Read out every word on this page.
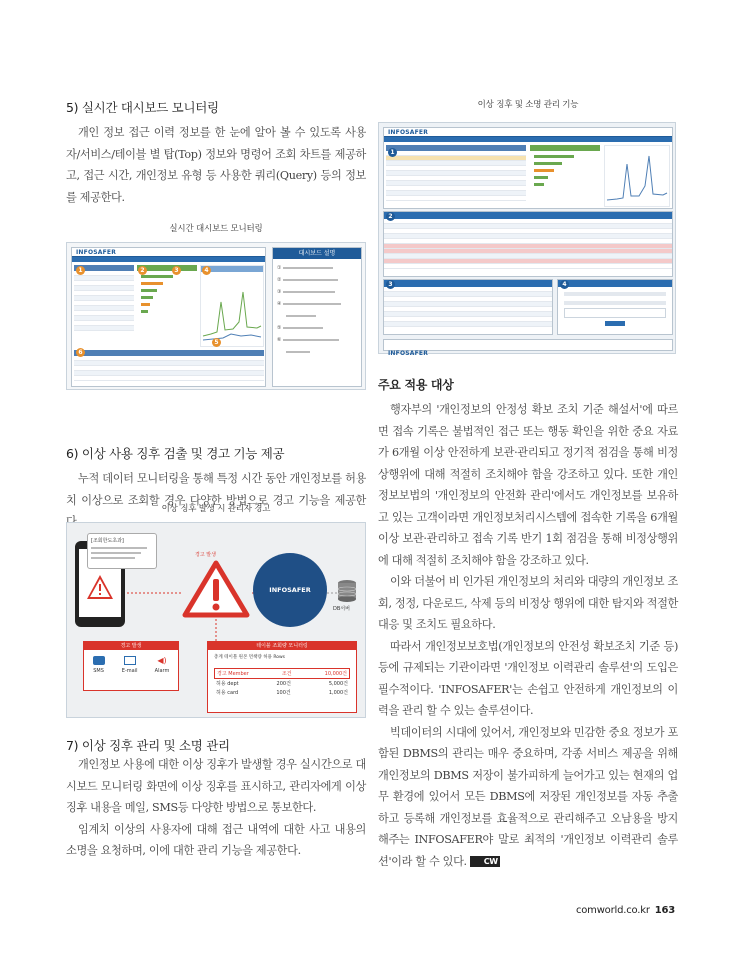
5) 실시간 대시보드 모니터링

개인 정보 접근 이력 정보를 한 눈에 알아 볼 수 있도록 사용자/서비스/테이블 별 탑(Top) 정보와 명령어 조회 차트를 제공하고, 접근 시간, 개인정보 유형 등 사용한 쿼리(Query) 등의 정보를 제공한다.

실시간 대시보드 모니터링
INFOSAFER
1	2	3	4
5
6
대시보드 설명
①
②
③
④

⑤
⑥

6) 이상 사용 징후 검출 및 경고 기능 제공

누적 데이터 모니터링을 통해 특정 시간 동안 개인정보를 허용치 이상으로 조회할 경우 다양한 방법으로 경고 기능을 제공한

이상 징후 발생 시 관리자 경고
[조회한도초과]
경고 발생
INFOSAFER
DB서버
경고 발생
SMS	E-mail
◀)
Alarm
테이블 조회량 모니터링
총계 테이블 원본 면책량 허용 Rows
경고 Member	조건	10,000건
허용 dept	200건	5,000건
허용 card	100건	1,000건
7) 이상 징후 관리 및 소명 관리

개인정보 사용에 대한 이상 징후가 발생할 경우 실시간으로 대시보드 모니터링 화면에 이상 징후를 표시하고, 관리자에게 이상 징후 내용을 메일, SMS등 다양한 방법으로 통보한다.

임계치 이상의 사용자에 대해 접근 내역에 대한 사고 내용의 소명을 요청하며, 이에 대한 관리 기능을 제공한다.

이상 징후 및 소명 관리 기능
INFOSAFER
1
2
3	4
INFOSAFER
주요 적용 대상

행자부의 '개인정보의 안정성 확보 조치 기준 해설서'에 따르면 접속 기록은 불법적인 접근 또는 행동 확인을 위한 중요 자료가 6개월 이상 안전하게 보관·관리되고 정기적 점검을 통해 비정상행위에 대해 적절히 조치해야 함을 강조하고 있다. 또한 개인정보보법의 '개인정보의 안전화 관리'에서도 개인정보를 보유하고 있는 고객이라면 개인정보처리시스템에 접속한 기록을 6개월 이상 보관·관리하고 접속 기록 반기 1회 점검을 통해 비정상행위에 대해 적절히 조치해야 함을 강조하고 있다.

이와 더불어 비 인가된 개인정보의 처리와 대량의 개인정보 조회, 정정, 다운로드, 삭제 등의 비정상 행위에 대한 탐지와 적절한 대응 및 조치도 필요하다.

따라서 개인정보보호법(개인정보의 안전성 확보조치 기준 등) 등에 규제되는 기관이라면 '개인정보 이력관리 솔루션'의 도입은 필수적이다. 'INFOSAFER'는 손쉽고 안전하게 개인정보의 이력을 관리 할 수 있는 솔루션이다.

빅데이터의 시대에 있어서, 개인정보와 민감한 중요 정보가 포함된 DBMS의 관리는 매우 중요하며, 각종 서비스 제공을 위해 개인정보의 DBMS 저장이 불가피하게 늘어가고 있는 현재의 업무 환경에 있어서 모든 DBMS에 저장된 개인정보를 자동 추출하고 등록해 개인정보를 효율적으로 관리해주고 오남용을 방지해주는 INFOSAFER야 말로 최적의 '개인정보 이력관리 솔루션'이라 할 수 있다. CW

comworld.co.kr 163
